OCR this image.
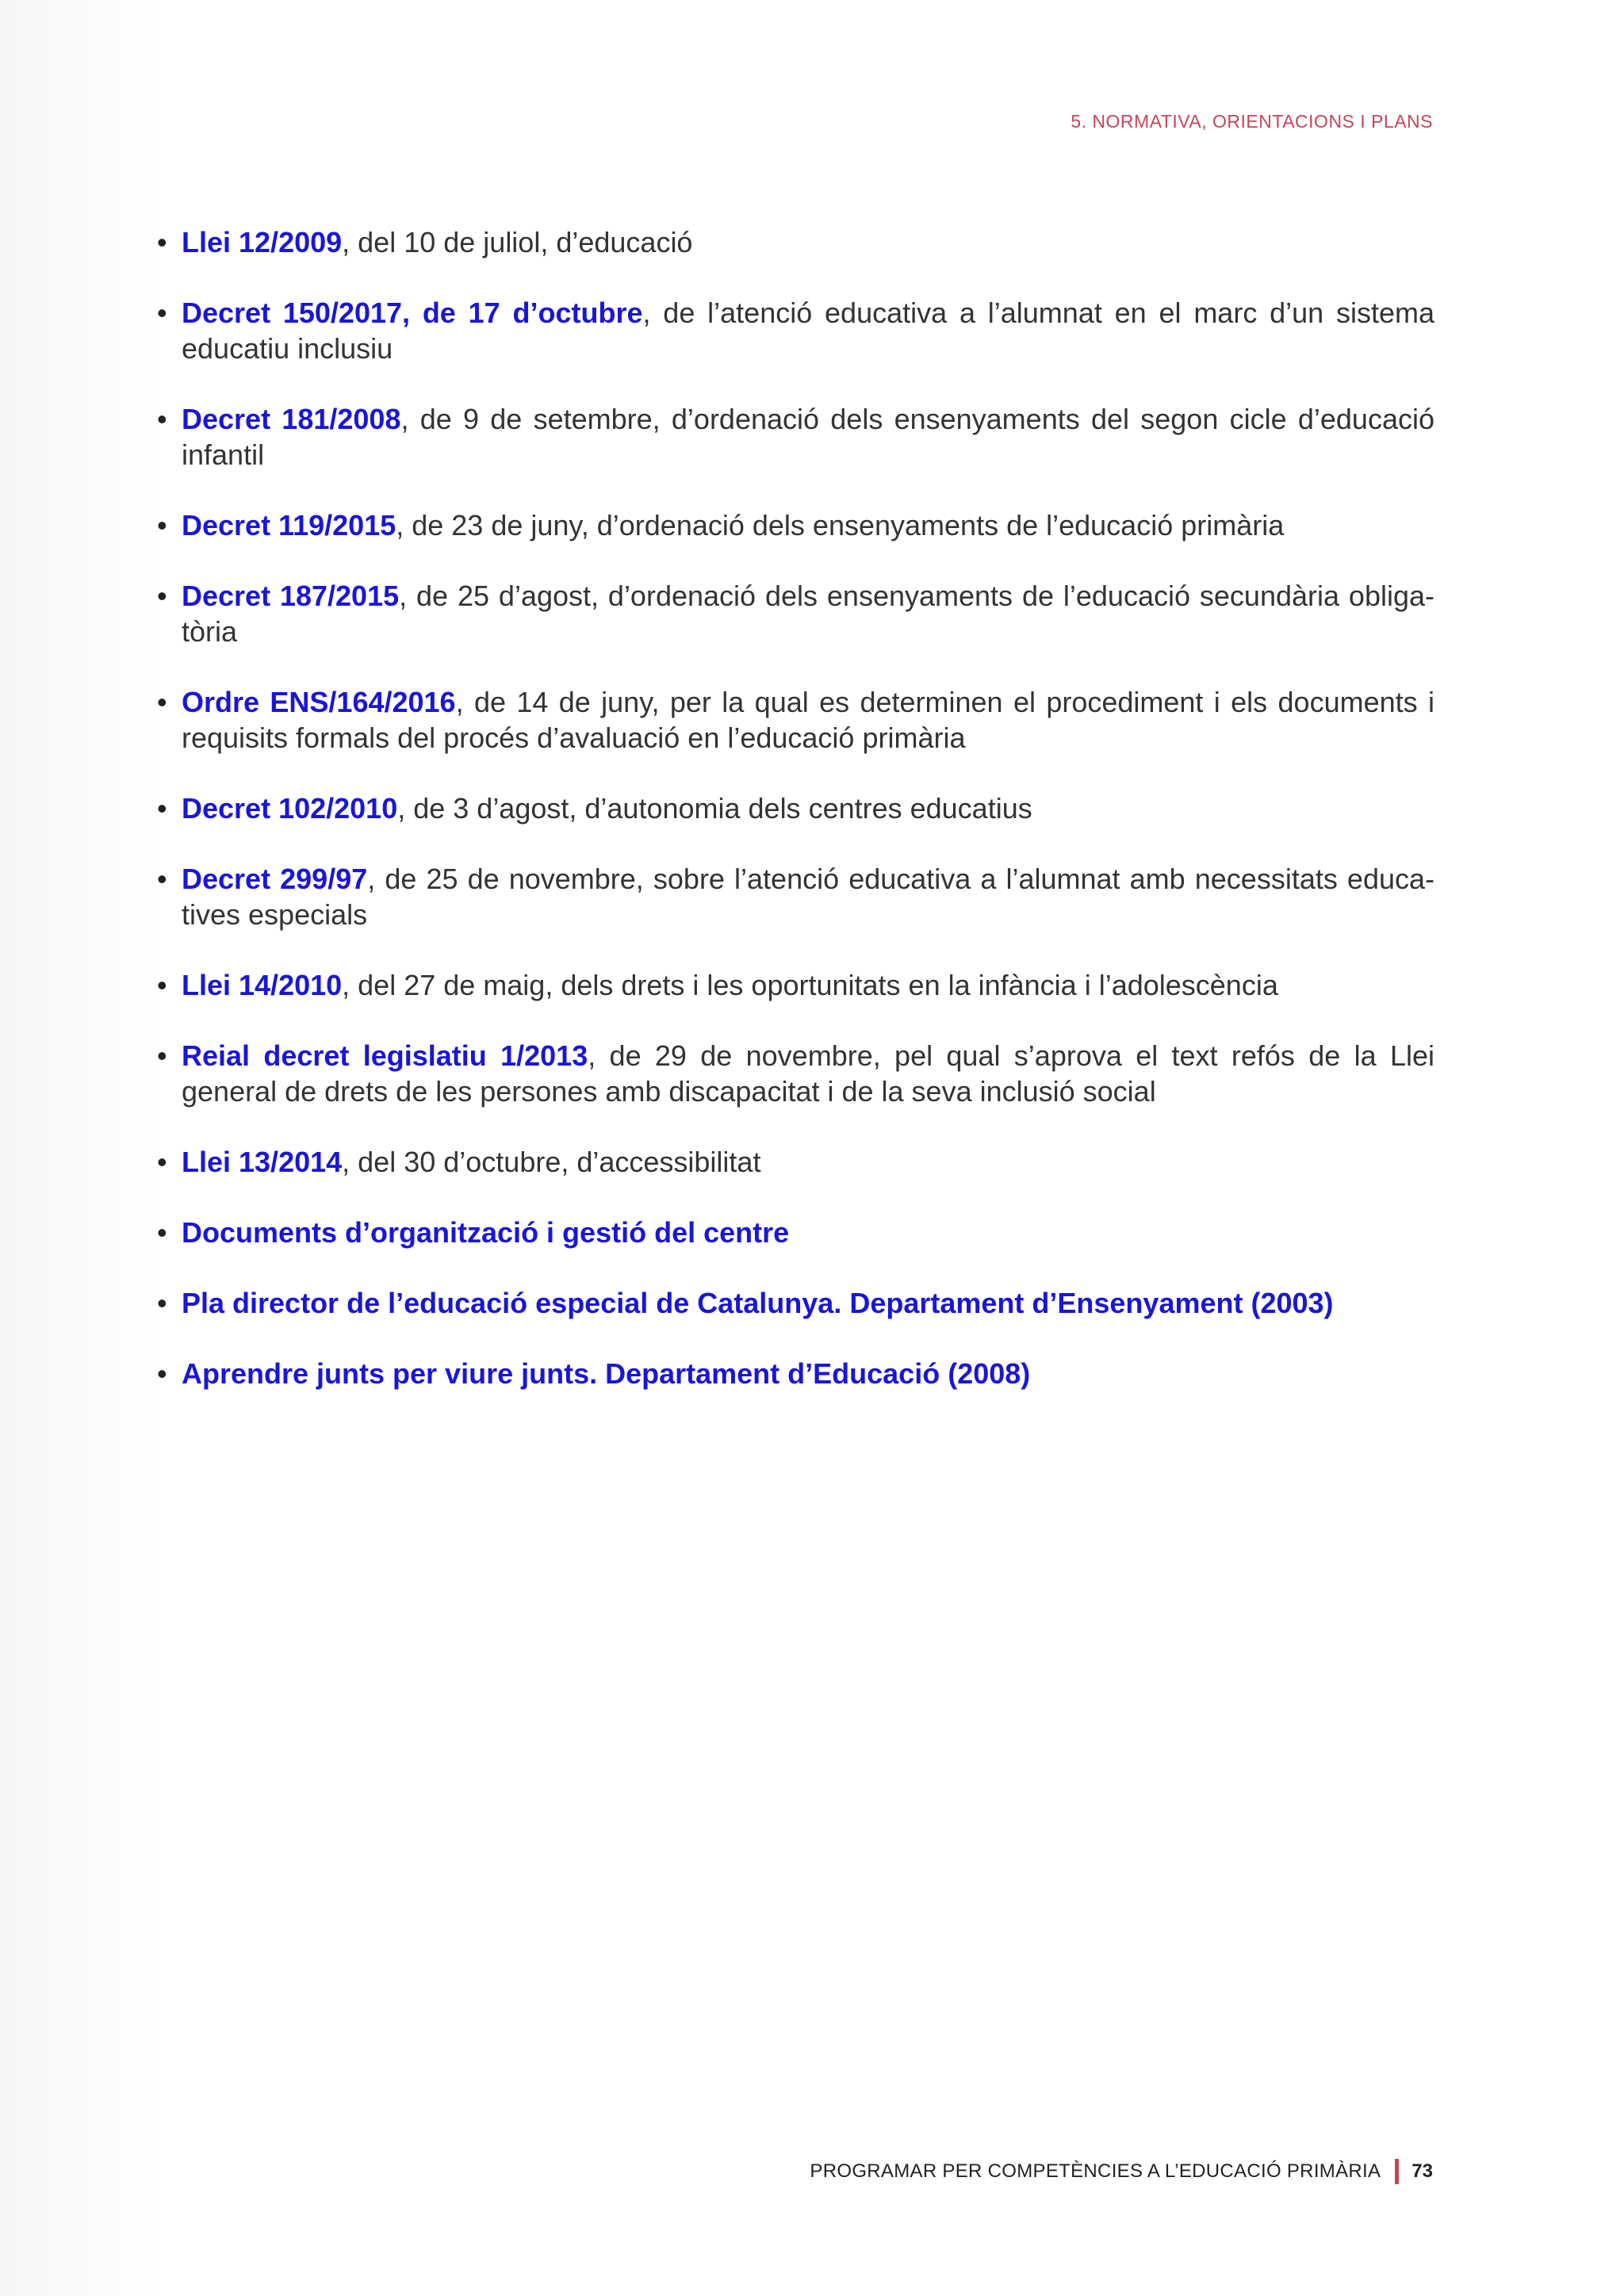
5. NORMATIVA, ORIENTACIONS I PLANS
• Llei 12/2009, del 10 de juliol, d’educació
• Decret 150/2017, de 17 d’octubre, de l’atenció educativa a l’alumnat en el marc d’un sistema educatiu inclusiu
• Decret 181/2008, de 9 de setembre, d’ordenació dels ensenyaments del segon cicle d’educació infantil
• Decret 119/2015, de 23 de juny, d’ordenació dels ensenyaments de l’educació primària
• Decret 187/2015, de 25 d’agost, d’ordenació dels ensenyaments de l’educació secundària obligatòria
• Ordre ENS/164/2016, de 14 de juny, per la qual es determinen el procediment i els documents i requisits formals del procés d’avaluació en l’educació primària
• Decret 102/2010, de 3 d’agost, d’autonomia dels centres educatius
• Decret 299/97, de 25 de novembre, sobre l’atenció educativa a l’alumnat amb necessitats educatives especials
• Llei 14/2010, del 27 de maig, dels drets i les oportunitats en la infància i l’adolescència
• Reial decret legislatiu 1/2013, de 29 de novembre, pel qual s’aprova el text refós de la Llei general de drets de les persones amb discapacitat i de la seva inclusió social
• Llei 13/2014, del 30 d’octubre, d’accessibilitat
• Documents d’organització i gestió del centre
• Pla director de l’educació especial de Catalunya. Departament d’Ensenyament (2003)
• Aprendre junts per viure junts. Departament d’Educació (2008)
PROGRAMAR PER COMPETÈNCIES A L’EDUCACIÓ PRIMÀRIA 73
